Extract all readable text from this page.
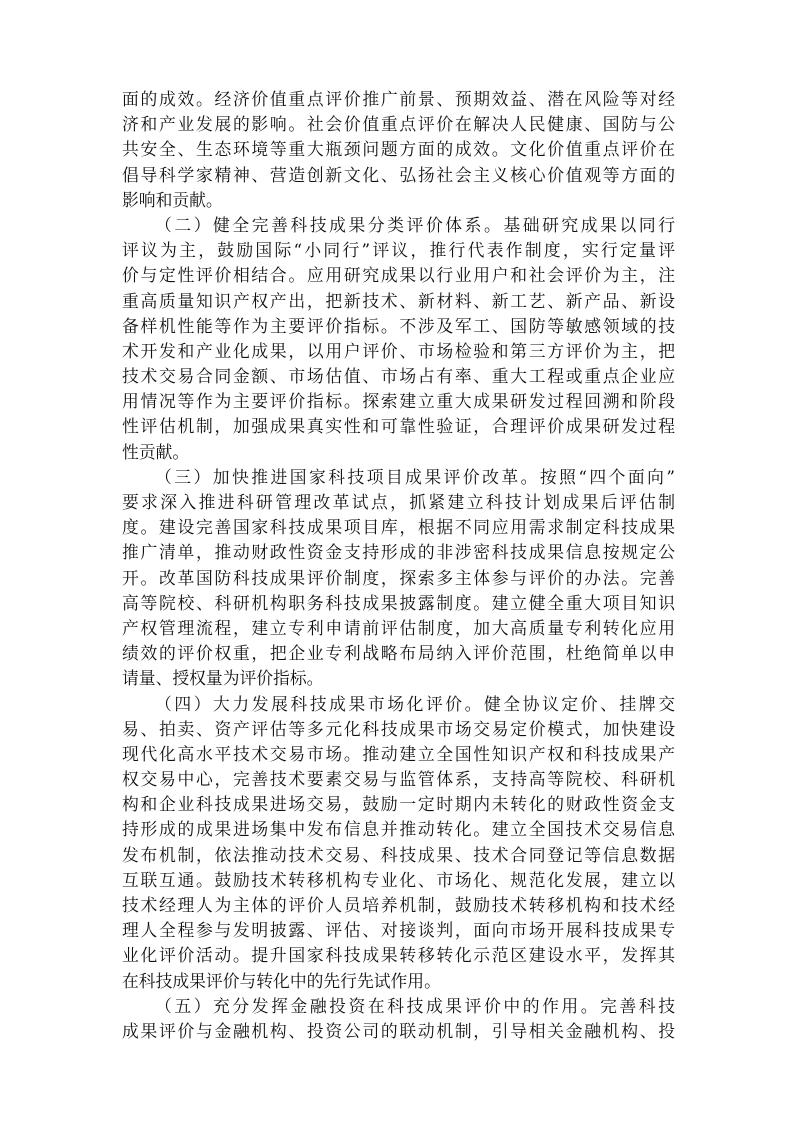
面的成效。经济价值重点评价推广前景、预期效益、潜在风险等对经
济和产业发展的影响。社会价值重点评价在解决人民健康、国防与公
共安全、生态环境等重大瓶颈问题方面的成效。文化价值重点评价在
倡导科学家精神、营造创新文化、弘扬社会主义核心价值观等方面的
影响和贡献。
（二）健全完善科技成果分类评价体系。基础研究成果以同行
评议为主，鼓励国际“小同行”评议，推行代表作制度，实行定量评
价与定性评价相结合。应用研究成果以行业用户和社会评价为主，注
重高质量知识产权产出，把新技术、新材料、新工艺、新产品、新设
备样机性能等作为主要评价指标。不涉及军工、国防等敏感领域的技
术开发和产业化成果，以用户评价、市场检验和第三方评价为主，把
技术交易合同金额、市场估值、市场占有率、重大工程或重点企业应
用情况等作为主要评价指标。探索建立重大成果研发过程回溯和阶段
性评估机制，加强成果真实性和可靠性验证，合理评价成果研发过程
性贡献。
（三）加快推进国家科技项目成果评价改革。按照“四个面向”
要求深入推进科研管理改革试点，抓紧建立科技计划成果后评估制
度。建设完善国家科技成果项目库，根据不同应用需求制定科技成果
推广清单，推动财政性资金支持形成的非涉密科技成果信息按规定公
开。改革国防科技成果评价制度，探索多主体参与评价的办法。完善
高等院校、科研机构职务科技成果披露制度。建立健全重大项目知识
产权管理流程，建立专利申请前评估制度，加大高质量专利转化应用
绩效的评价权重，把企业专利战略布局纳入评价范围，杜绝简单以申
请量、授权量为评价指标。
（四）大力发展科技成果市场化评价。健全协议定价、挂牌交
易、拍卖、资产评估等多元化科技成果市场交易定价模式，加快建设
现代化高水平技术交易市场。推动建立全国性知识产权和科技成果产
权交易中心，完善技术要素交易与监管体系，支持高等院校、科研机
构和企业科技成果进场交易，鼓励一定时期内未转化的财政性资金支
持形成的成果进场集中发布信息并推动转化。建立全国技术交易信息
发布机制，依法推动技术交易、科技成果、技术合同登记等信息数据
互联互通。鼓励技术转移机构专业化、市场化、规范化发展，建立以
技术经理人为主体的评价人员培养机制，鼓励技术转移机构和技术经
理人全程参与发明披露、评估、对接谈判，面向市场开展科技成果专
业化评价活动。提升国家科技成果转移转化示范区建设水平，发挥其
在科技成果评价与转化中的先行先试作用。
（五）充分发挥金融投资在科技成果评价中的作用。完善科技
成果评价与金融机构、投资公司的联动机制，引导相关金融机构、投
